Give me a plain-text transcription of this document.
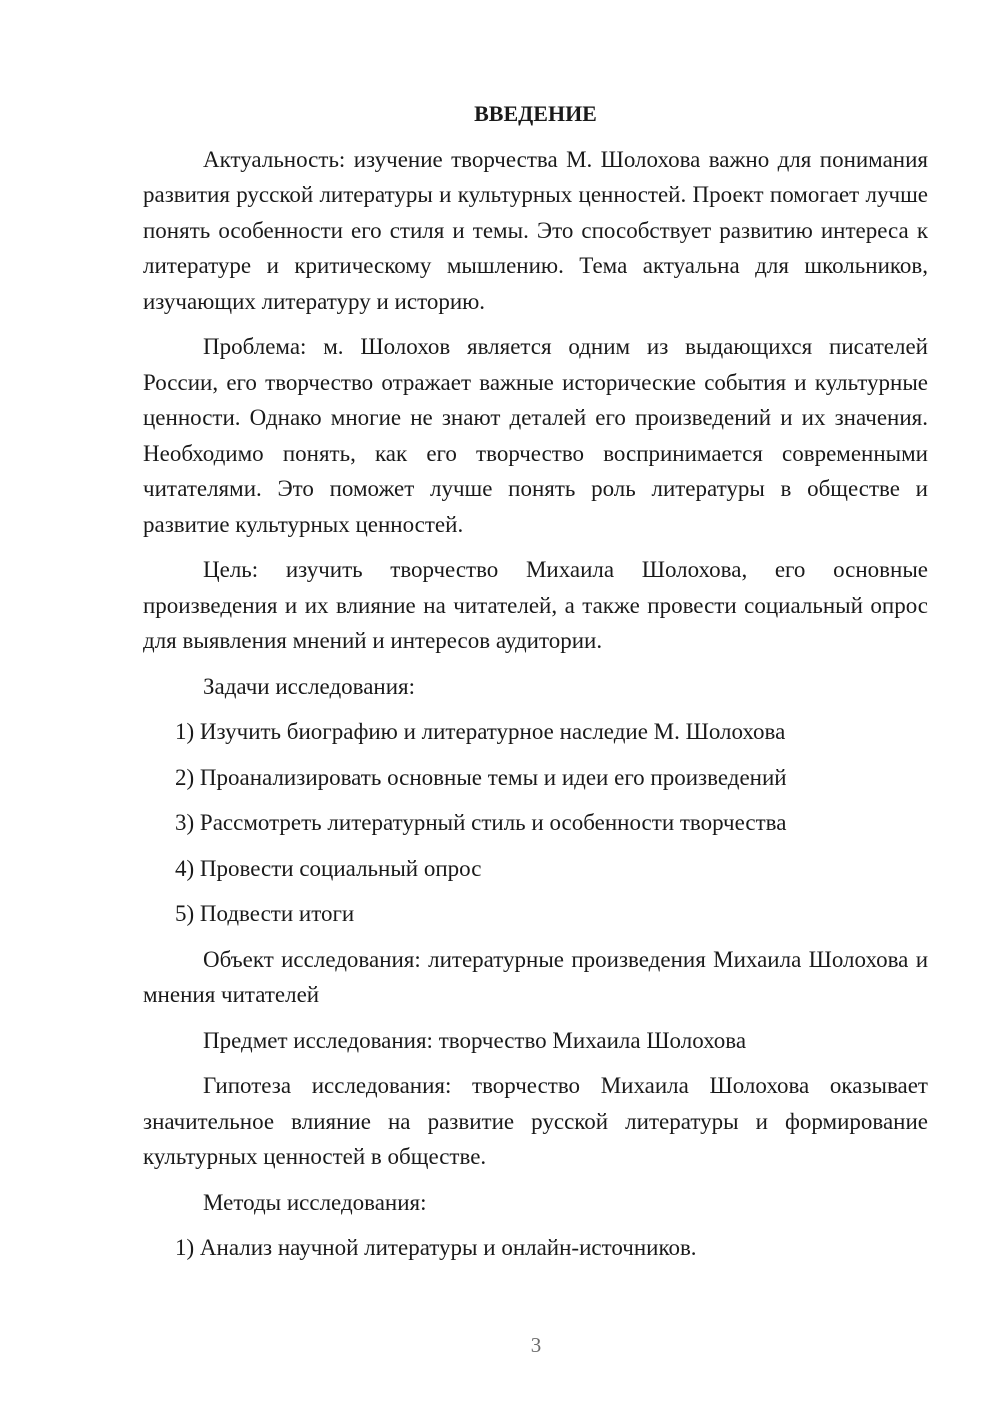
ВВЕДЕНИЕ

Актуальность: изучение творчества М. Шолохова важно для понимания развития русской литературы и культурных ценностей. Проект помогает лучше понять особенности его стиля и темы. Это способствует развитию интереса к литературе и критическому мышлению. Тема актуальна для школьников, изучающих литературу и историю.

Проблема: м. Шолохов является одним из выдающихся писателей России, его творчество отражает важные исторические события и культурные ценности. Однако многие не знают деталей его произведений и их значения. Необходимо понять, как его творчество воспринимается современными читателями. Это поможет лучше понять роль литературы в обществе и развитие культурных ценностей.

Цель: изучить творчество Михаила Шолохова, его основные произведения и их влияние на читателей, а также провести социальный опрос для выявления мнений и интересов аудитории.

Задачи исследования:

1) Изучить биографию и литературное наследие М. Шолохова

2) Проанализировать основные темы и идеи его произведений

3) Рассмотреть литературный стиль и особенности творчества

4) Провести социальный опрос

5) Подвести итоги

Объект исследования: литературные произведения Михаила Шолохова и мнения читателей

Предмет исследования: творчество Михаила Шолохова

Гипотеза исследования: творчество Михаила Шолохова оказывает значительное влияние на развитие русской литературы и формирование культурных ценностей в обществе.

Методы исследования:

1) Анализ научной литературы и онлайн-источников.

3
